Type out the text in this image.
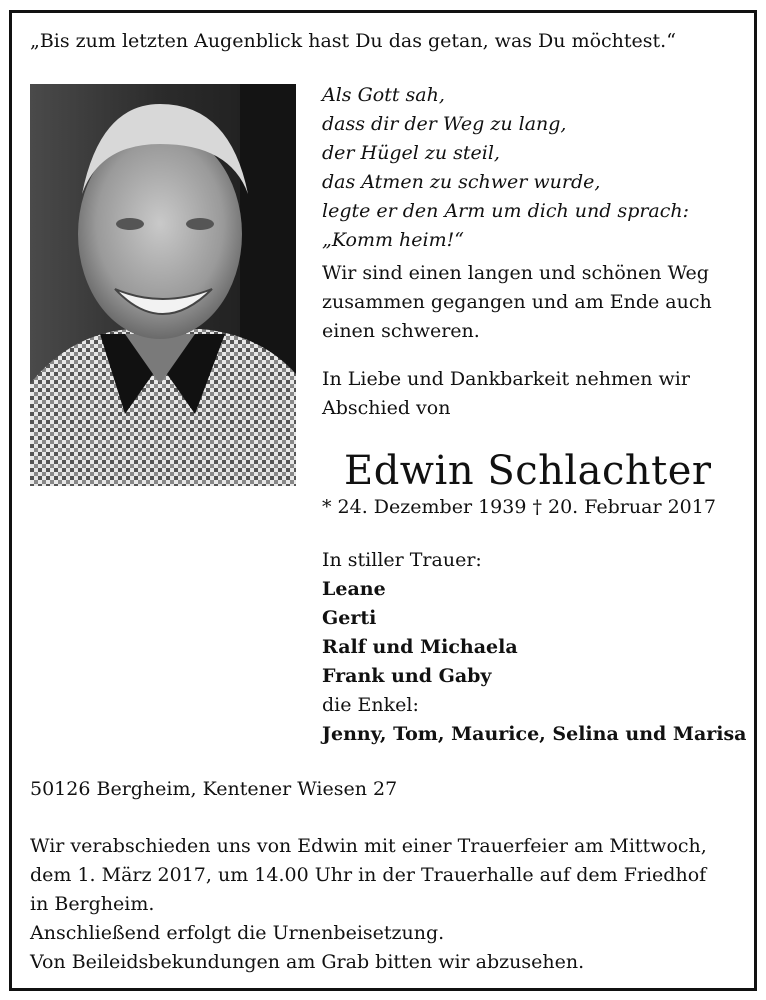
„Bis zum letzten Augenblick hast Du das getan, was Du möchtest.“
Als Gott sah,
dass dir der Weg zu lang,
der Hügel zu steil,
das Atmen zu schwer wurde,
legte er den Arm um dich und sprach:
„Komm heim!“
Wir sind einen langen und schönen Weg
zusammen gegangen und am Ende auch
einen schweren.
In Liebe und Dankbarkeit nehmen wir
Abschied von
Edwin Schlachter
* 24. Dezember 1939 † 20. Februar 2017
In stiller Trauer:
Leane
Gerti
Ralf und Michaela
Frank und Gaby
die Enkel:
Jenny, Tom, Maurice, Selina und Marisa
50126 Bergheim, Kentener Wiesen 27
Wir verabschieden uns von Edwin mit einer Trauerfeier am Mittwoch,
dem 1. März 2017, um 14.00 Uhr in der Trauerhalle auf dem Friedhof
in Bergheim.
Anschließend erfolgt die Urnenbeisetzung.
Von Beileidsbekundungen am Grab bitten wir abzusehen.
